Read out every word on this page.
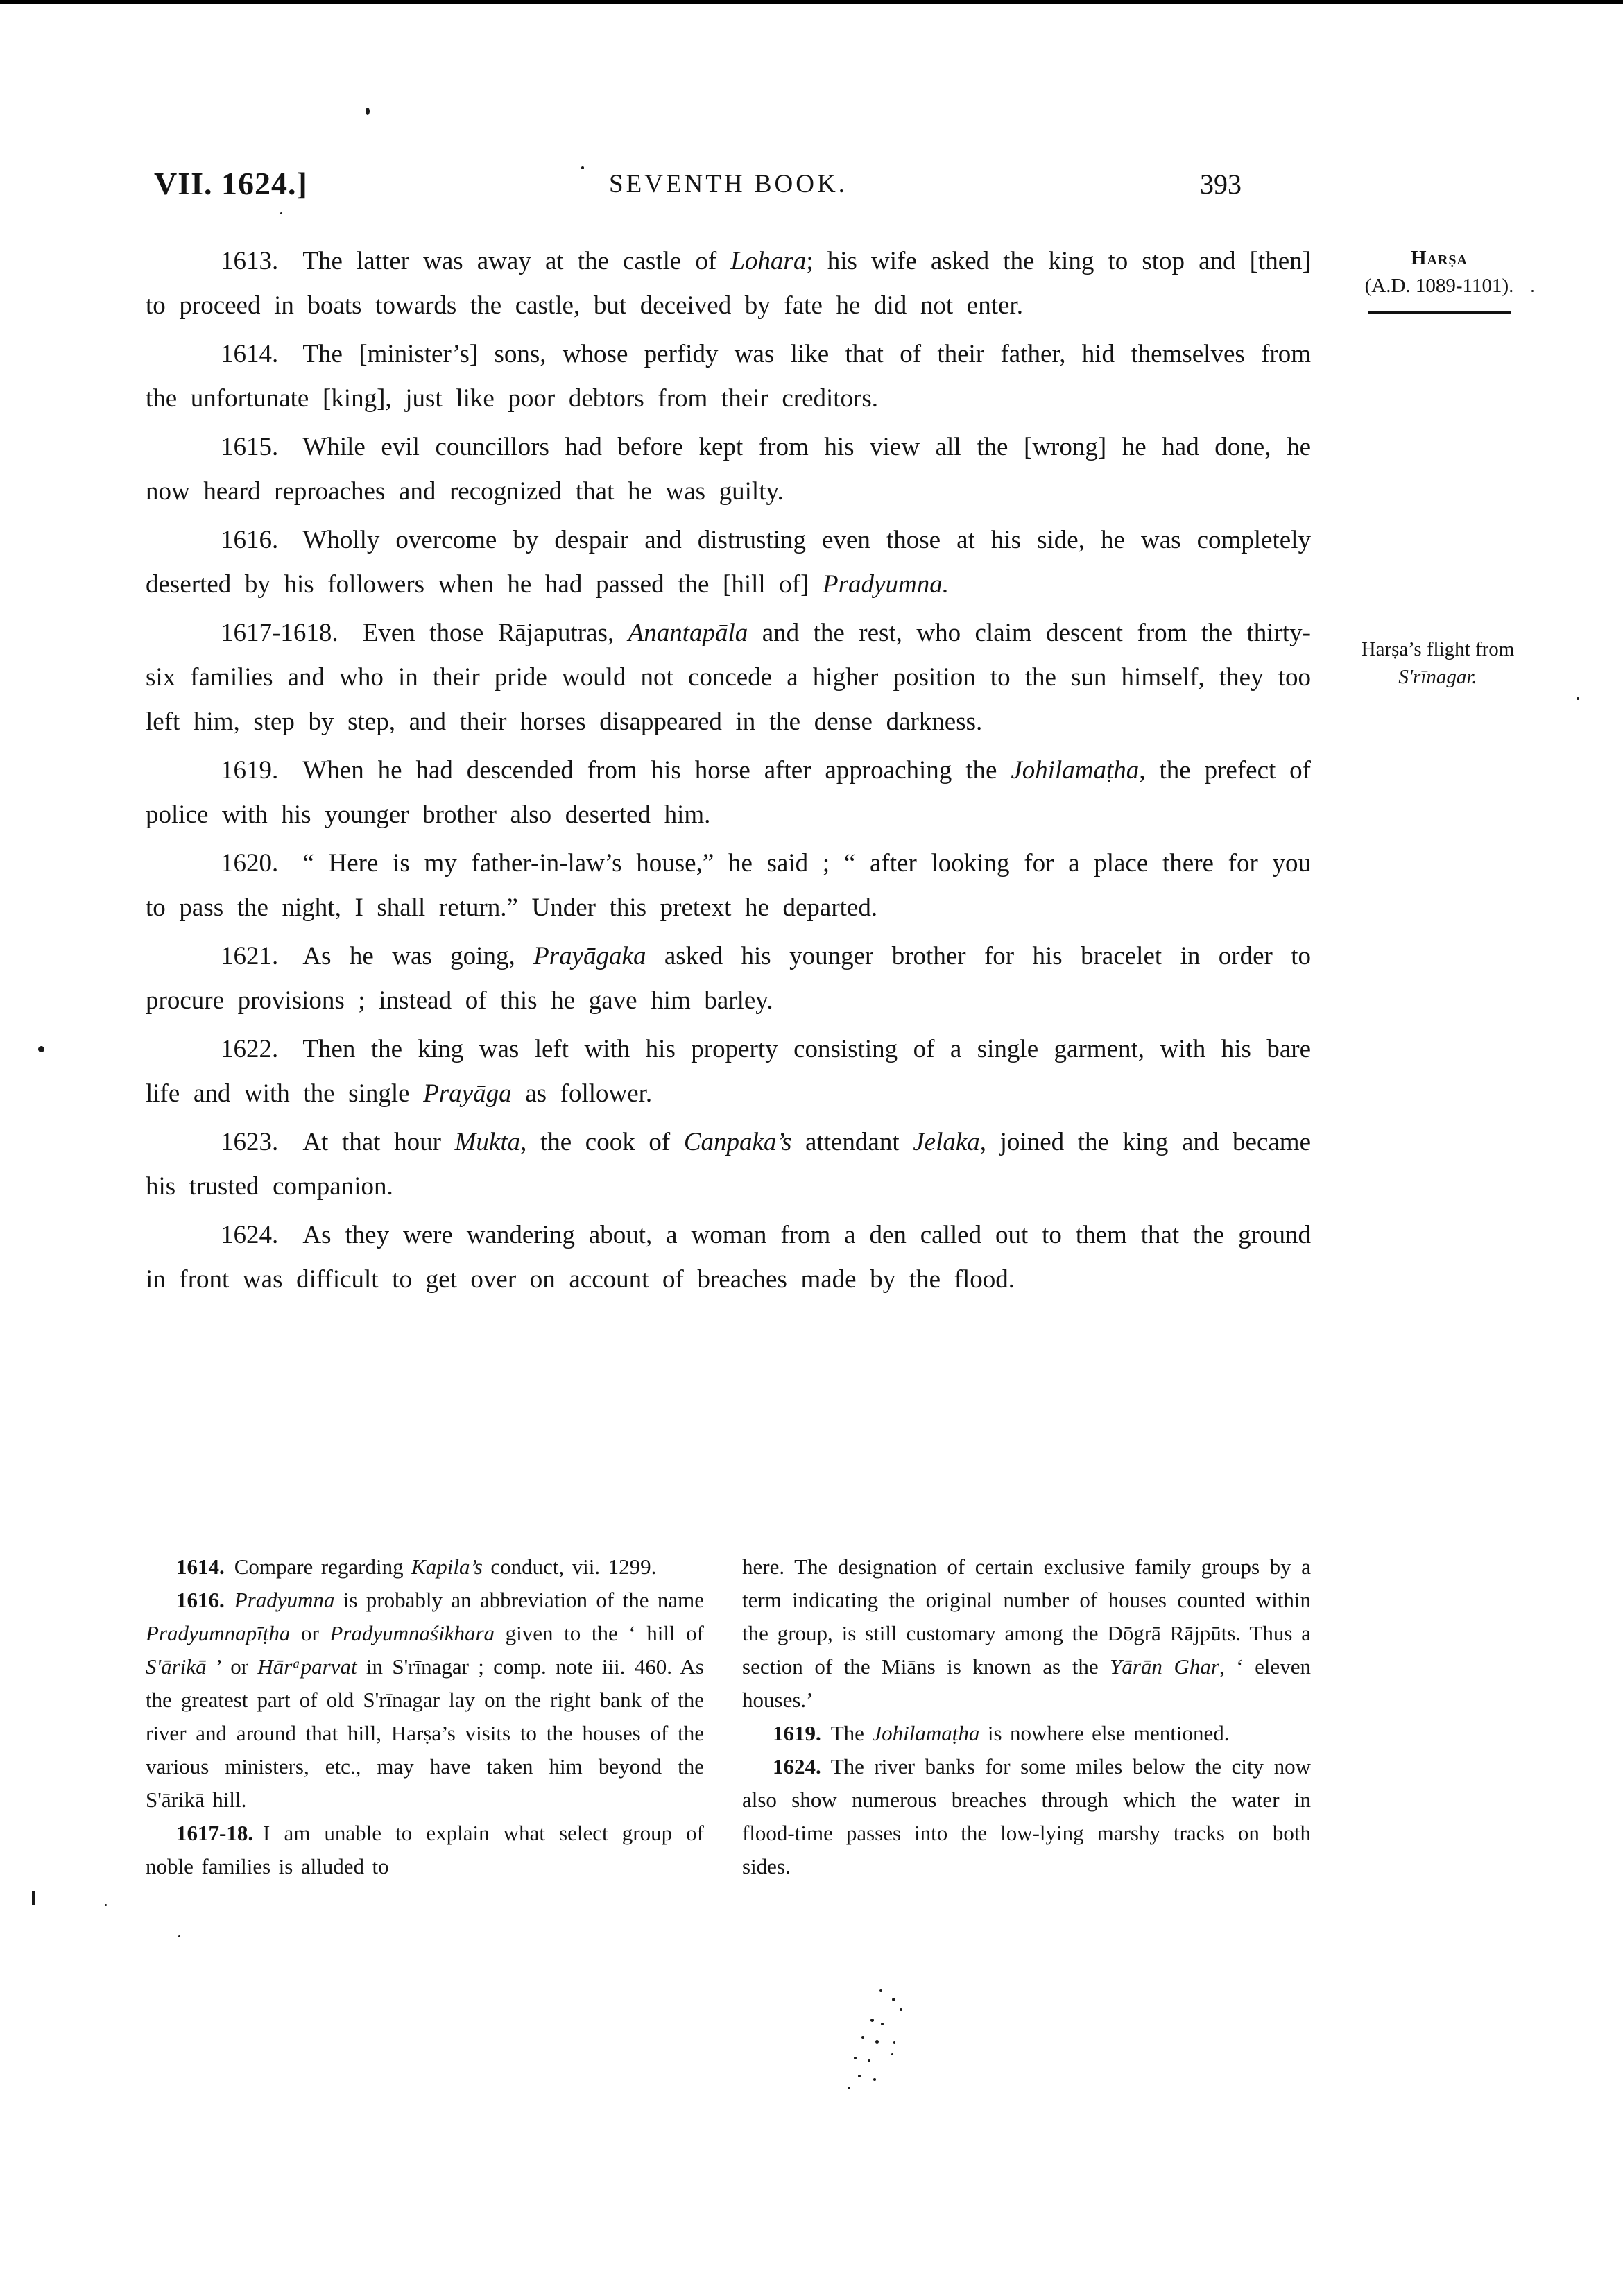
VII. 1624.]	SEVENTH BOOK.	393
Harṣa
(A.D. 1089-1101).
Harṣa’s flight from
S'rīnagar.

1613. The latter was away at the castle of Lohara; his wife asked the king to stop and [then] to proceed in boats towards the castle, but deceived by fate he did not enter.

1614. The [minister’s] sons, whose perfidy was like that of their father, hid themselves from the unfortunate [king], just like poor debtors from their creditors.

1615. While evil councillors had before kept from his view all the [wrong] he had done, he now heard reproaches and recognized that he was guilty.

1616. Wholly overcome by despair and distrusting even those at his side, he was completely deserted by his followers when he had passed the [hill of] Pradyumna.

1617-1618. Even those Rājaputras, Anantapāla and the rest, who claim descent from the thirty-six families and who in their pride would not concede a higher position to the sun himself, they too left him, step by step, and their horses disappeared in the dense darkness.

1619. When he had descended from his horse after approaching the Johilamaṭha, the prefect of police with his younger brother also deserted him.

1620. “ Here is my father-in-law’s house,” he said ; “ after looking for a place there for you to pass the night, I shall return.” Under this pretext he departed.

1621. As he was going, Prayāgaka asked his younger brother for his bracelet in order to procure provisions ; instead of this he gave him barley.

1622. Then the king was left with his property consisting of a single garment, with his bare life and with the single Prayāga as follower.

1623. At that hour Mukta, the cook of Canpaka’s attendant Jelaka, joined the king and became his trusted companion.

1624. As they were wandering about, a woman from a den called out to them that the ground in front was difficult to get over on account of breaches made by the flood.

1614. Compare regarding Kapila’s conduct, vii. 1299.

1616. Pradyumna is probably an abbreviation of the name Pradyumnapīṭha or Pradyumnaśikhara given to the ‘ hill of S'ārikā ’ or Hārᵃparvat in S'rīnagar ; comp. note iii. 460. As the greatest part of old S'rīnagar lay on the right bank of the river and around that hill, Harṣa’s visits to the houses of the various ministers, etc., may have taken him beyond the S'ārikā hill.

1617-18. I am unable to explain what select group of noble families is alluded to

here. The designation of certain exclusive family groups by a term indicating the original number of houses counted within the group, is still customary among the Dōgrā Rājpūts. Thus a section of the Miāns is known as the Yārān Ghar, ‘ eleven houses.’

1619. The Johilamaṭha is nowhere else mentioned.

1624. The river banks for some miles below the city now also show numerous breaches through which the water in flood-time passes into the low-lying marshy tracks on both sides.
